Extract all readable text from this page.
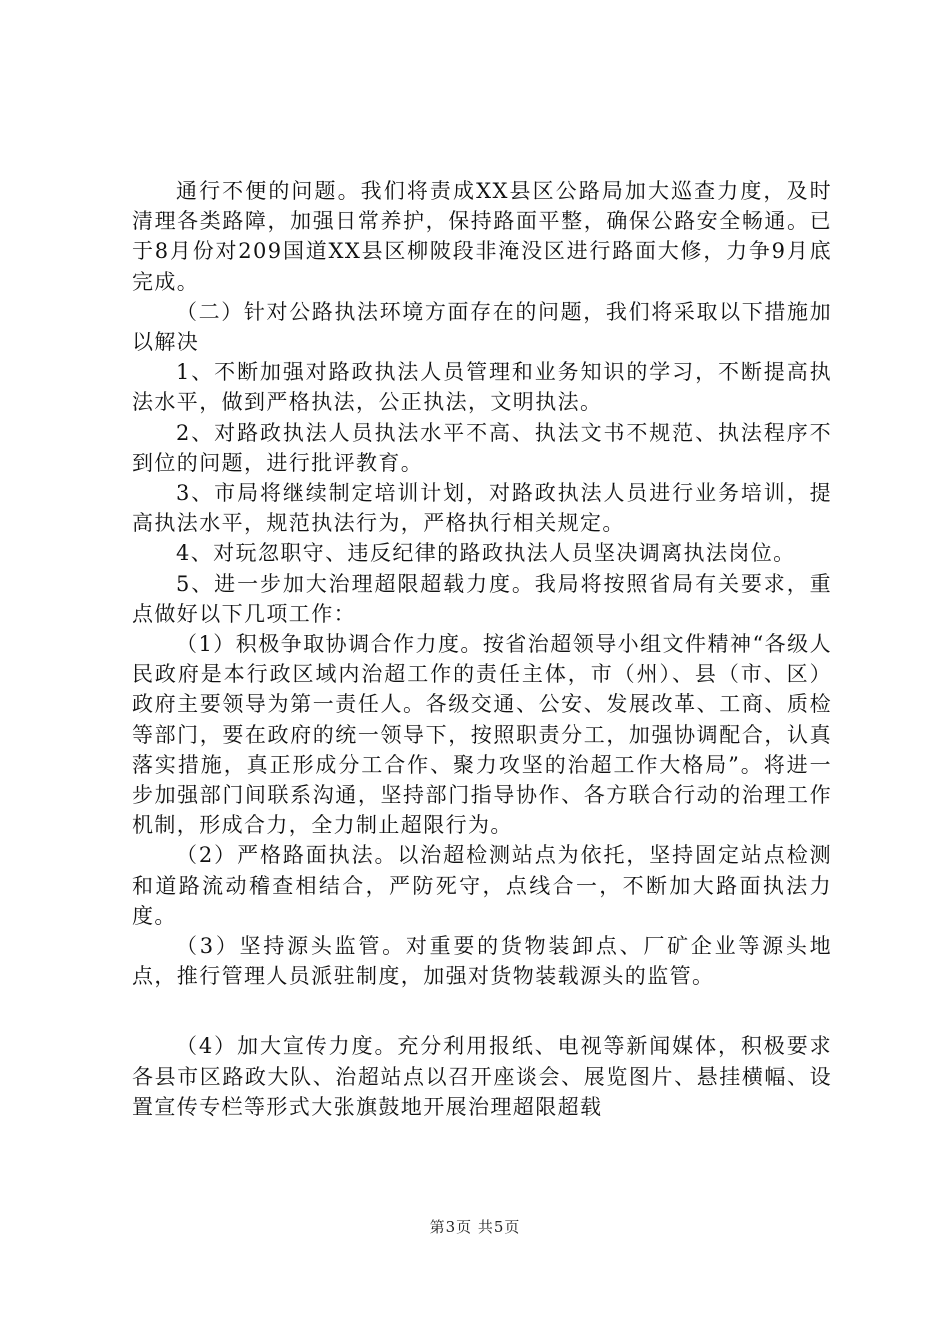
通行不便的问题。我们将责成XX县区公路局加大巡查力度，及时清理各类路障，加强日常养护，保持路面平整，确保公路安全畅通。已于8月份对209国道XX县区柳陂段非淹没区进行路面大修，力争9月底完成。

（二）针对公路执法环境方面存在的问题，我们将采取以下措施加以解决

1、不断加强对路政执法人员管理和业务知识的学习，不断提高执法水平，做到严格执法，公正执法，文明执法。

2、对路政执法人员执法水平不高、执法文书不规范、执法程序不到位的问题，进行批评教育。

3、市局将继续制定培训计划，对路政执法人员进行业务培训，提高执法水平，规范执法行为，严格执行相关规定。

4、对玩忽职守、违反纪律的路政执法人员坚决调离执法岗位。

5、进一步加大治理超限超载力度。我局将按照省局有关要求，重点做好以下几项工作：

（1）积极争取协调合作力度。按省治超领导小组文件精神“各级人民政府是本行政区域内治超工作的责任主体，市（州）、县（市、区）政府主要领导为第一责任人。各级交通、公安、发展改革、工商、质检等部门，要在政府的统一领导下，按照职责分工，加强协调配合，认真落实措施，真正形成分工合作、聚力攻坚的治超工作大格局”。将进一步加强部门间联系沟通，坚持部门指导协作、各方联合行动的治理工作机制，形成合力，全力制止超限行为。

（2）严格路面执法。以治超检测站点为依托，坚持固定站点检测和道路流动稽查相结合，严防死守，点线合一，不断加大路面执法力度。

（3）坚持源头监管。对重要的货物装卸点、厂矿企业等源头地点，推行管理人员派驻制度，加强对货物装载源头的监管。

（4）加大宣传力度。充分利用报纸、电视等新闻媒体，积极要求各县市区路政大队、治超站点以召开座谈会、展览图片、悬挂横幅、设置宣传专栏等形式大张旗鼓地开展治理超限超载

第3页 共5页
